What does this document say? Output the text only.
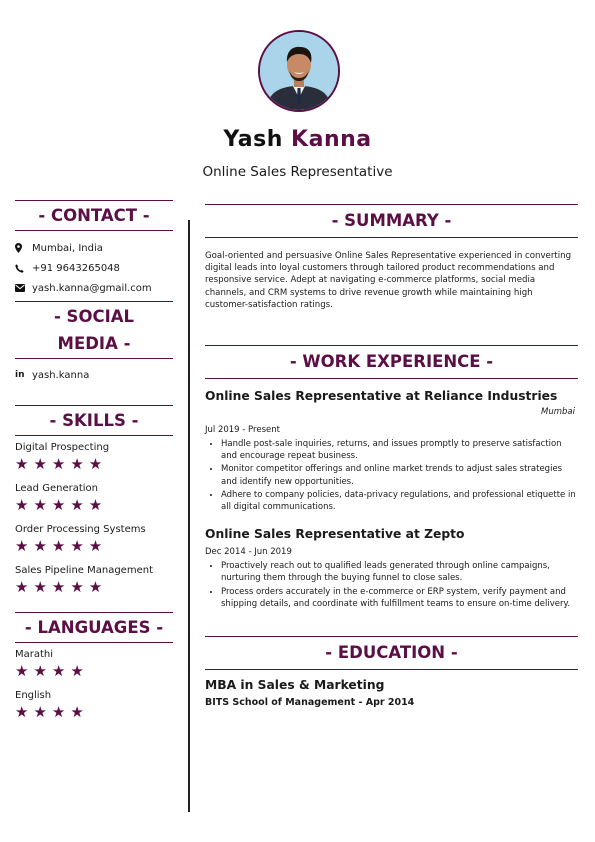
Yash Kanna
Online Sales Representative
- CONTACT -
Mumbai, India
+91 9643265048
yash.kanna@gmail.com
- SOCIAL
MEDIA -
in yash.kanna
- SKILLS -
Digital Prospecting
★★★★★
Lead Generation
★★★★★
Order Processing Systems
★★★★★
Sales Pipeline Management
★★★★★
- LANGUAGES -
Marathi
★★★★
English
★★★★
- SUMMARY -
Goal-oriented and persuasive Online Sales Representative experienced in converting digital leads into loyal customers through tailored product recommendations and responsive service. Adept at navigating e-commerce platforms, social media channels, and CRM systems to drive revenue growth while maintaining high customer-satisfaction ratings.
- WORK EXPERIENCE -
Online Sales Representative at Reliance Industries
Mumbai
Jul 2019 - Present
• Handle post-sale inquiries, returns, and issues promptly to preserve satisfaction and encourage repeat business.
• Monitor competitor offerings and online market trends to adjust sales strategies and identify new opportunities.
• Adhere to company policies, data-privacy regulations, and professional etiquette in all digital communications.
Online Sales Representative at Zepto
Dec 2014 - Jun 2019
• Proactively reach out to qualified leads generated through online campaigns, nurturing them through the buying funnel to close sales.
• Process orders accurately in the e-commerce or ERP system, verify payment and shipping details, and coordinate with fulfillment teams to ensure on-time delivery.
- EDUCATION -
MBA in Sales & Marketing
BITS School of Management - Apr 2014
